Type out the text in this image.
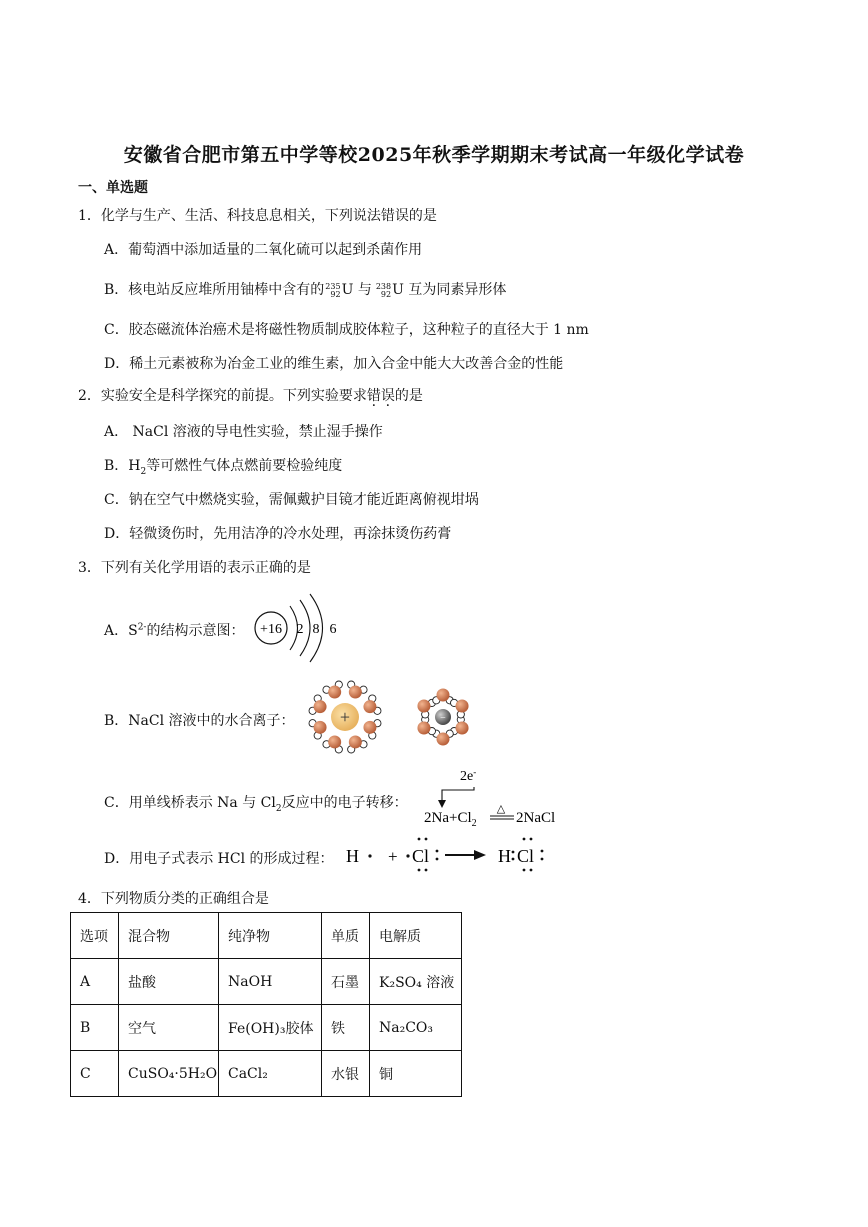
安徽省合肥市第五中学等校2025年秋季学期期末考试高一年级化学试卷
一、单选题
1．化学与生产、生活、科技息息相关，下列说法错误的是
A．葡萄酒中添加适量的二氧化硫可以起到杀菌作用
B．核电站反应堆所用铀棒中含有的235
92U 与 238
92U 互为同素异形体
C．胶态磁流体治癌术是将磁性物质制成胶体粒子，这种粒子的直径大于 1 nm
D．稀土元素被称为冶金工业的维生素，加入合金中能大大改善合金的性能
2．实验安全是科学探究的前提。下列实验要求错误的是
A． NaCl 溶液的导电性实验，禁止湿手操作
B．$H_2$等可燃性气体点燃前要检验纯度
C．钠在空气中燃烧实验，需佩戴护目镜才能近距离俯视坩埚
D．轻微烫伤时，先用洁净的冷水处理，再涂抹烫伤药膏
3．下列有关化学用语的表示正确的是
A．$S^{2-}$的结构示意图： +16 2 8 6
B．NaCl 溶液中的水合离子：	+	−
C．用单线桥表示 Na 与 $Cl_2$反应中的电子转移：
2e-
$2Na+Cl_2$
△
2NaCl
D．用电子式表示 HCl 的形成过程： H + Cl	H Cl
4．下列物质分类的正确组合是
选项	混合物	纯净物	单质	电解质
A	盐酸	NaOH	石墨	K₂SO₄ 溶液
B	空气	Fe(OH)₃胶体	铁	Na₂CO₃
C	CuSO₄·5H₂O	CaCl₂	水银	铜
